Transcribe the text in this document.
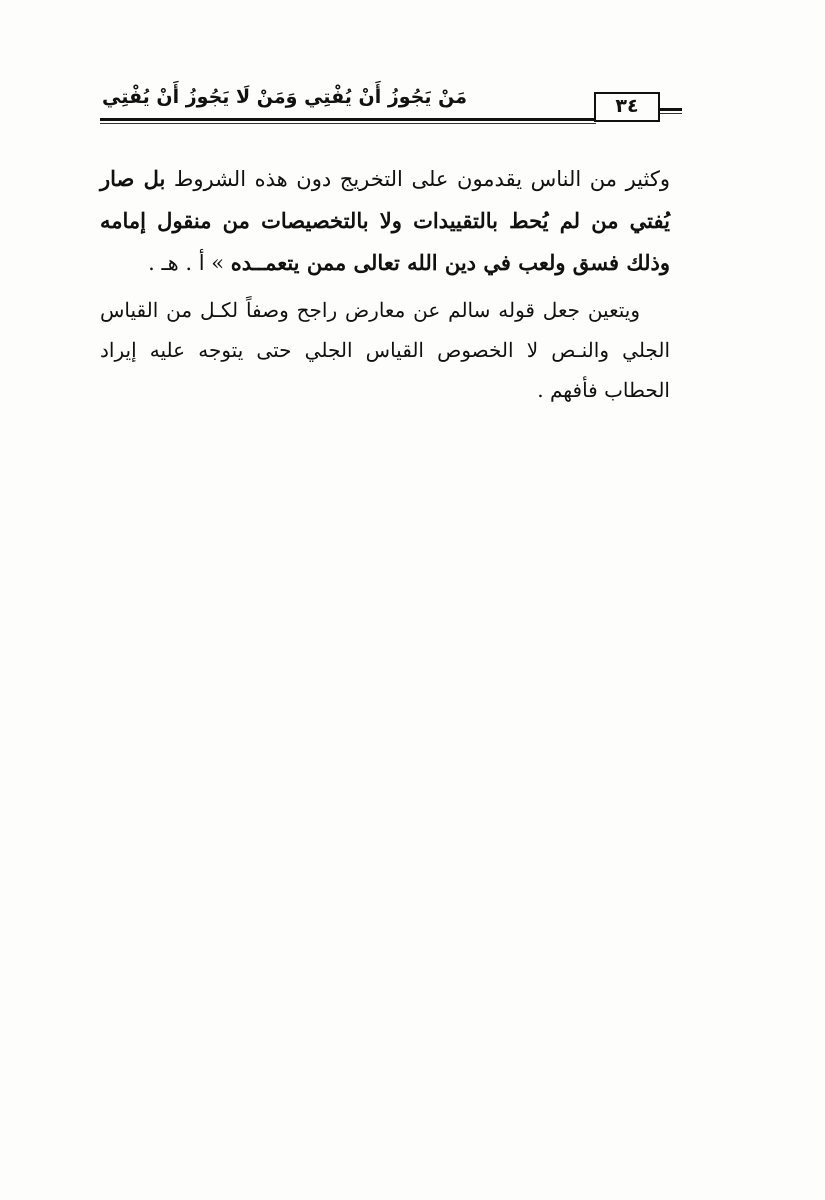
مَنْ يَجُوزُ أَنْ يُفْتِي وَمَنْ لَا يَجُوزُ أَنْ يُفْتِي	٣٤

وكثير من الناس يقدمون على التخريج دون هذه الشروط بل صار يُفتي من لم يُحط بالتقييدات ولا بالتخصيصات من منقول إمامه وذلك فسق ولعب في دين الله تعالى ممن يتعمــده » أ . هـ .

ويتعين جعل قوله سالم عن معارض راجح وصفاً لكـل من القياس الجلي والنـص لا الخصوص القياس الجلي حتى يتوجه عليه إيراد الحطاب فأفهم .
